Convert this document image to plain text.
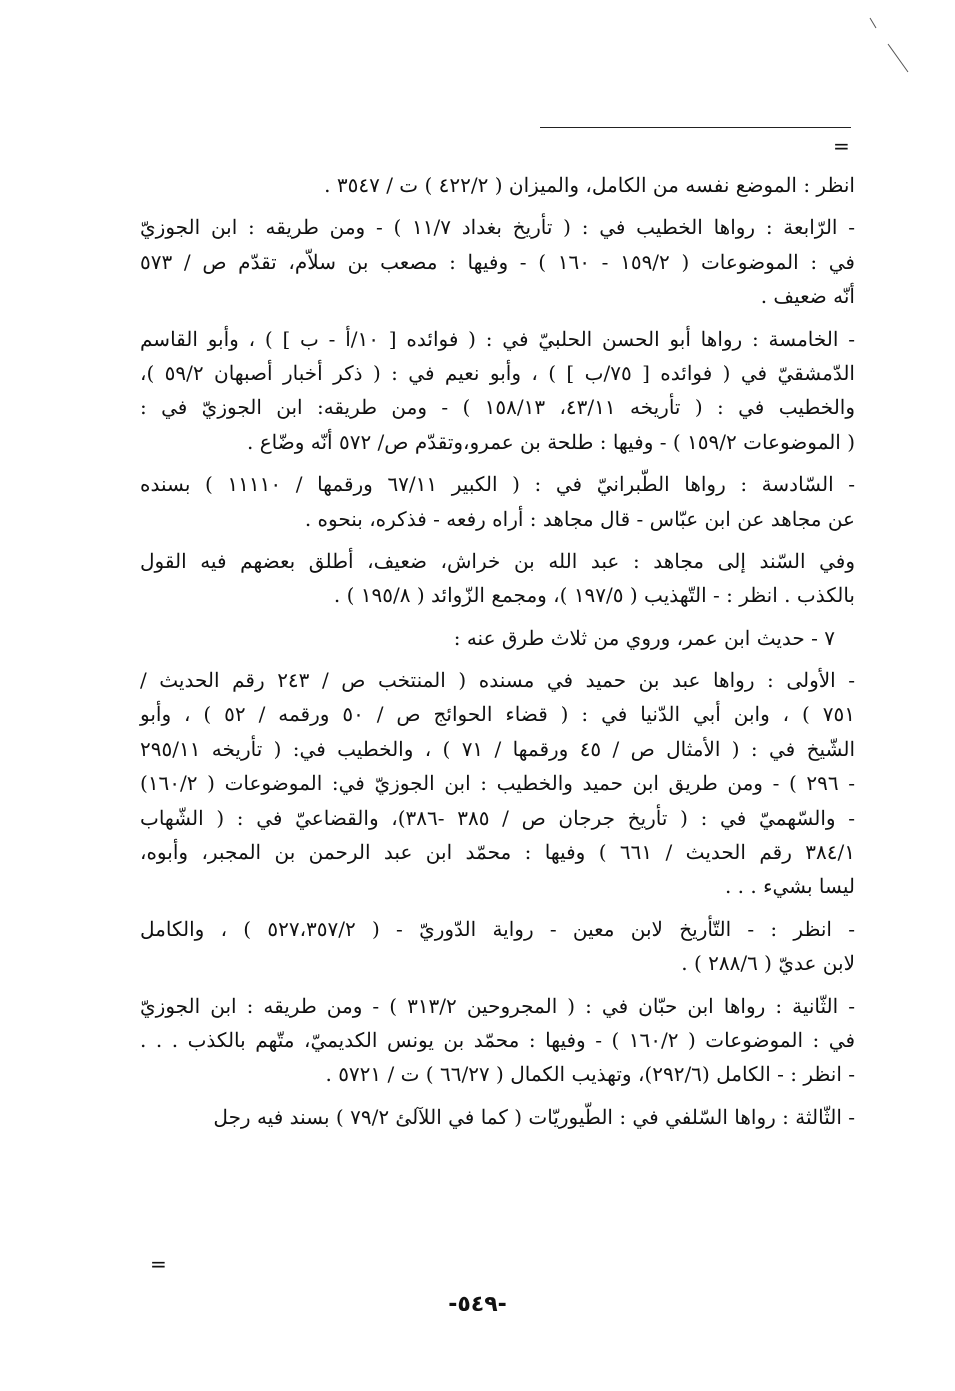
=
انظر : الموضع نفسه من الكامل، والميزان ( ٤٢٢/٢ ) ت / ٣٥٤٧ .
- الرّابعة : رواها الخطيب في : ( تأريخ بغداد ١١/٧ ) - ومن طريقه : ابن الجوزيّ
في : الموضوعات ( ١٥٩/٢ - ١٦٠ ) - وفيها : مصعب بن سلاّم، تقدّم ص / ٥٧٣
أنّه ضعيف .
- الخامسة : رواها أبو الحسن الحلبيّ في : ( فوائده [ ١٠/أ - ب ] ) ، وأبو القاسم
الدّمشقيّ في ( فوائده [ ٧٥/ب ] ) ، وأبو نعيم في : ( ذكر أخبار أصبهان ٥٩/٢ )،
والخطيب في : ( تأريخه ٤٣/١١، ١٥٨/١٣ ) - ومن طريقه: ابن الجوزيّ في :
( الموضوعات ١٥٩/٢ ) - وفيها : طلحة بن عمرو،وتقدّم ص/ ٥٧٢ أنّه وضّاع .
- السّادسة : رواها الطّبرانيّ في : ( الكبير ٦٧/١١ ورقمها / ١١١١٠ ) بسنده
عن مجاهد عن ابن عبّاس - قال مجاهد : أراه رفعه - فذكره، بنحوه .
وفي السّند إلى مجاهد : عبد الله بن خراش، ضعيف، أطلق بعضهم فيه القول
بالكذب . انظر : - التّهذيب ( ١٩٧/٥ )، ومجمع الزّوائد ( ١٩٥/٨ ) .
٧ - حديث ابن عمر، وروي من ثلاث طرق عنه :
- الأولى : رواها عبد بن حميد في مسنده ( المنتخب ص / ٢٤٣ رقم الحديث /
٧٥١ ) ، وابن أبي الدّنيا في : ( قضاء الحوائج ص / ٥٠ ورقمه / ٥٢ ) ، وأبو
الشّيخ في : ( الأمثال ص / ٤٥ ورقمها / ٧١ ) ، والخطيب في: ( تأريخه ٢٩٥/١١
- ٢٩٦ ) - ومن طريق ابن حميد والخطيب : ابن الجوزيّ في: الموضوعات ( ١٦٠/٢)
- والسّهميّ في : ( تأريخ جرجان ص / ٣٨٥ -٣٨٦)، والقضاعيّ في : ( الشّهاب
٣٨٤/١ رقم الحديث / ٦٦١ ) وفيها : محمّد ابن عبد الرحمن بن المجبر، وأبوه،
ليسا بشيء . . .
- انظر : - التّأريخ لابن معين - رواية الدّوريّ - ( ٥٢٧،٣٥٧/٢ ) ، والكامل
لابن عديّ ( ٢٨٨/٦ ) .
- الثّانية : رواها ابن حبّان في : ( المجروحين ٣١٣/٢ ) - ومن طريقه : ابن الجوزيّ
في : الموضوعات ( ١٦٠/٢ ) - وفيها : محمّد بن يونس الكديميّ، متّهم بالكذب . . .
- انظر : - الكامل (٢٩٢/٦)، وتهذيب الكمال ( ٦٦/٢٧ ) ت / ٥٧٢١ .
- الثّالثة : رواها السّلفي في : الطّيوريّات ( كما في اللآلئ ٧٩/٢ ) بسند فيه رجل
=
-٥٤٩-
